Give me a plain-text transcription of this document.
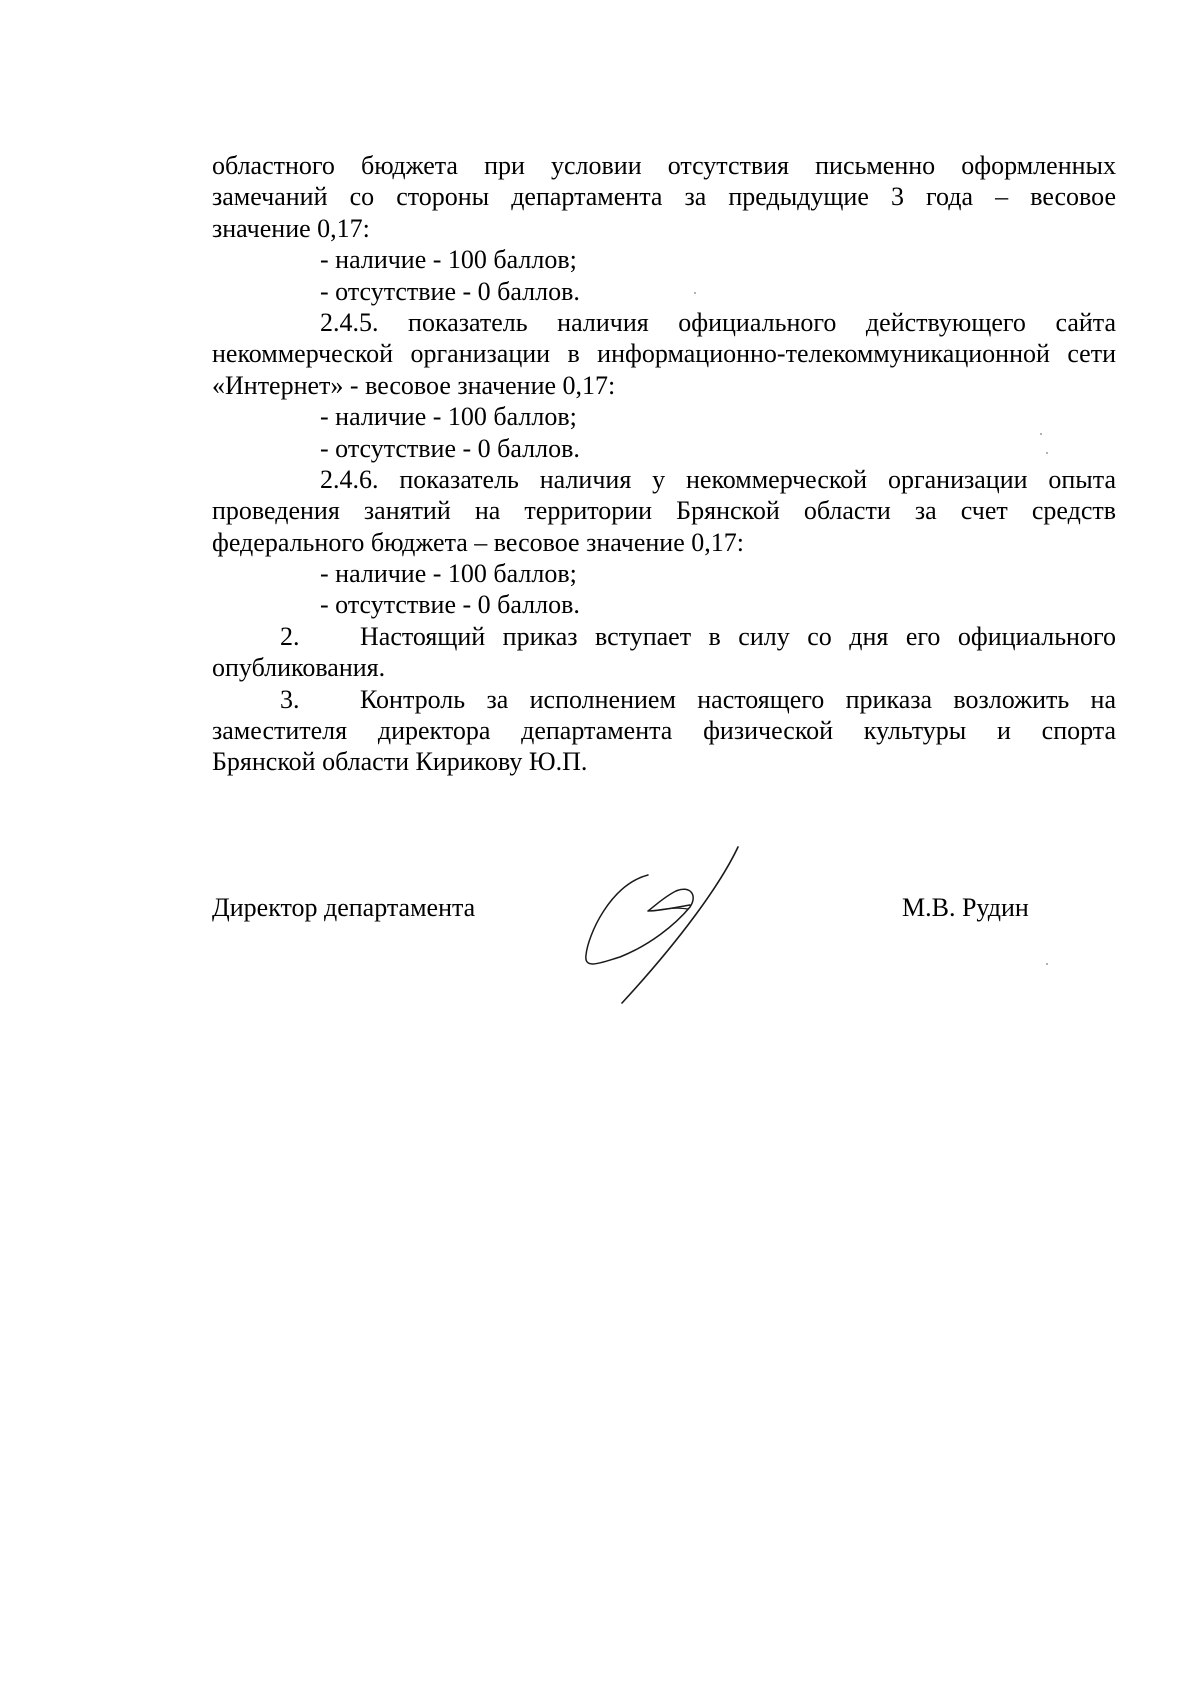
областного бюджета при условии отсутствия письменно оформленных
замечаний со стороны департамента за предыдущие 3 года – весовое
значение 0,17:
- наличие - 100 баллов;
- отсутствие - 0 баллов.
2.4.5. показатель наличия официального действующего сайта
некоммерческой организации в информационно-телекоммуникационной сети
«Интернет» - весовое значение 0,17:
- наличие - 100 баллов;
- отсутствие - 0 баллов.
2.4.6. показатель наличия у некоммерческой организации опыта
проведения занятий на территории Брянской области за счет средств
федерального бюджета – весовое значение 0,17:
- наличие - 100 баллов;
- отсутствие - 0 баллов.
2.	Настоящий приказ вступает в силу со дня его официального
опубликования.
3.	Контроль за исполнением настоящего приказа возложить на
заместителя директора департамента физической культуры и спорта
Брянской области Кирикову Ю.П.
Директор департамента	М.В. Рудин
